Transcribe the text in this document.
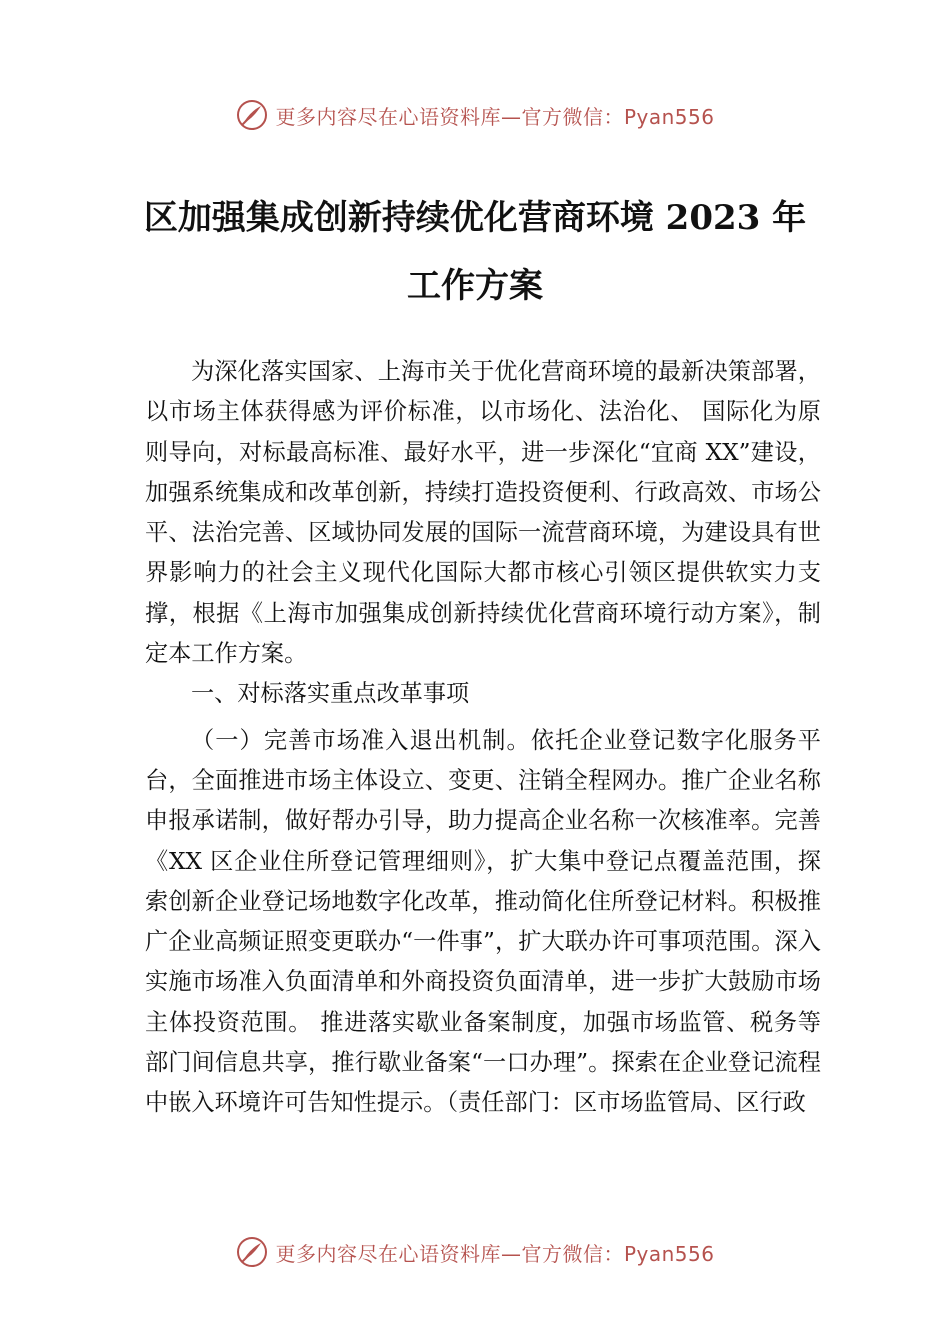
更多内容尽在心语资料库—官方微信：Pyan556
区加强集成创新持续优化营商环境 2023 年
工作方案

为深化落实国家、上海市关于优化营商环境的最新决策部署，以市场主体获得感为评价标准，以市场化、法治化、 国际化为原则导向，对标最高标准、最好水平，进一步深化“宜商 XX”建设，加强系统集成和改革创新，持续打造投资便利、行政高效、市场公平、法治完善、区域协同发展的国际一流营商环境，为建设具有世界影响力的社会主义现代化国际大都市核心引领区提供软实力支撑，根据《上海市加强集成创新持续优化营商环境行动方案》，制定本工作方案。

一、对标落实重点改革事项

（一）完善市场准入退出机制。依托企业登记数字化服务平台，全面推进市场主体设立、变更、注销全程网办。推广企业名称申报承诺制，做好帮办引导，助力提高企业名称一次核准率。完善《XX 区企业住所登记管理细则》，扩大集中登记点覆盖范围，探索创新企业登记场地数字化改革，推动简化住所登记材料。积极推广企业高频证照变更联办“一件事”，扩大联办许可事项范围。深入实施市场准入负面清单和外商投资负面清单，进一步扩大鼓励市场主体投资范围。 推进落实歇业备案制度，加强市场监管、税务等部门间信息共享，推行歇业备案“一口办理”。探索在企业登记流程中嵌入环境许可告知性提示。（责任部门：区市场监管局、区行政

更多内容尽在心语资料库—官方微信：Pyan556
